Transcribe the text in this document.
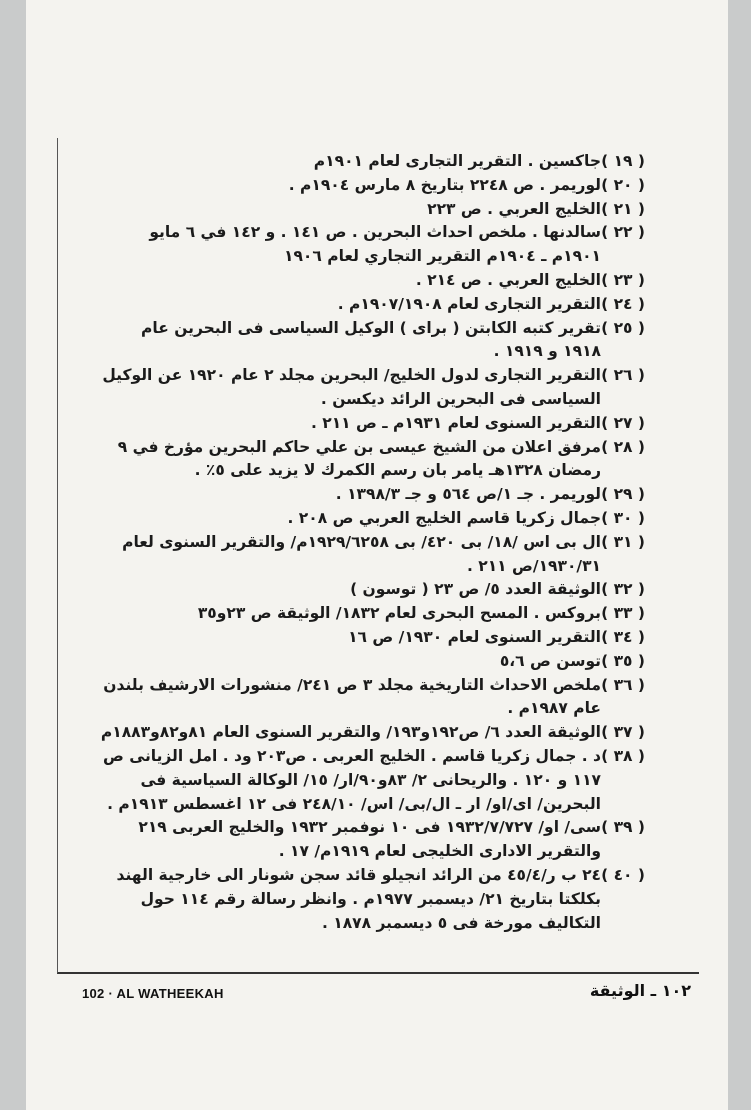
( ١٩ )
جاكسين . التقرير التجارى لعام ١٩٠١م
( ٢٠ )
لوريمر . ص ٢٢٤٨ بتاريخ ٨ مارس ١٩٠٤م .
( ٢١ )
الخليج العربي . ص ٢٢٣
( ٢٢ )
سالدنها . ملخص احداث البحرين . ص ١٤١ . و ١٤٢ في ٦ مايو ١٩٠١م ـ ١٩٠٤م التقرير التجاري لعام ١٩٠٦
( ٢٣ )
الخليج العربي . ص ٢١٤ .
( ٢٤ )
التقرير التجارى لعام ١٩٠٧/١٩٠٨م .
( ٢٥ )
تقرير كتبه الكابتن ( براى ) الوكيل السياسى فى البحرين عام ١٩١٨ و ١٩١٩ .
( ٢٦ )
التقرير التجارى لدول الخليج/ البحرين مجلد ٢ عام ١٩٢٠ عن الوكيل السياسى فى البحرين الرائد ديكسن .
( ٢٧ )
التقرير السنوى لعام ١٩٣١م ـ ص ٢١١ .
( ٢٨ )
مرفق اعلان من الشيخ عيسى بن علي حاكم البحرين مؤرخ في ٩ رمضان ١٣٢٨هـ يامر بان رسم الكمرك لا يزيد على ٥٪ .
( ٢٩ )
لوريمر . جـ ١/ص ٥٦٤ و جـ ١٣٩٨/٣ .
( ٣٠ )
جمال زكريا قاسم الخليج العربي ص ٢٠٨ .
( ٣١ )
ال بى اس /١٨/ بى ٤٢٠/ بى ١٩٢٩/٦٢٥٨م/ والتقرير السنوى لعام ١٩٣٠/٣١/ص ٢١١ .
( ٣٢ )
الوثيقة العدد ٥/ ص ٢٣ ( توسون )
( ٣٣ )
بروكس . المسح البحرى لعام ١٨٣٢/ الوثيقة ص ٢٣و٣٥
( ٣٤ )
التقرير السنوى لعام ١٩٣٠/ ص ١٦
( ٣٥ )
توسن ص ٥،٦
( ٣٦ )
ملخص الاحداث التاريخية مجلد ٣ ص ٢٤١/ منشورات الارشيف بلندن عام ١٩٨٧م .
( ٣٧ )
الوثيقة العدد ٦/ ص١٩٢و١٩٣/ والتقرير السنوى العام ٨١و٨٢و١٨٨٣م
( ٣٨ )
د . جمال زكريا قاسم . الخليج العربى . ص٢٠٣ ود . امل الزيانى ص ١١٧ و ١٢٠ . والريحانى ٢/ ٨٣و٩٠/ار/ ١٥/ الوكالة السياسية فى البحرين/ اى/او/ ار ـ ال/بى/ اس/ ٢٤٨/١٠ فى ١٢ اغسطس ١٩١٣م .
( ٣٩ )
سى/ او/ ١٩٣٢/٧/٧٢٧ فى ١٠ نوفمبر ١٩٣٢ والخليج العربى ٢١٩ والتقرير الادارى الخليجى لعام ١٩١٩م/ ١٧ .
( ٤٠ )
٢٤ ب ر/٤٥/٤ من الرائد انجيلو قائد سجن شونار الى خارجية الهند بكلكتا بتاريخ ٢١/ ديسمبر ١٩٧٧م . وانظر رسالة رقم ١١٤ حول التكاليف مورخة فى ٥ ديسمبر ١٨٧٨ .
102 · AL WATHEEKAH	١٠٢ ـ الوثيقة
